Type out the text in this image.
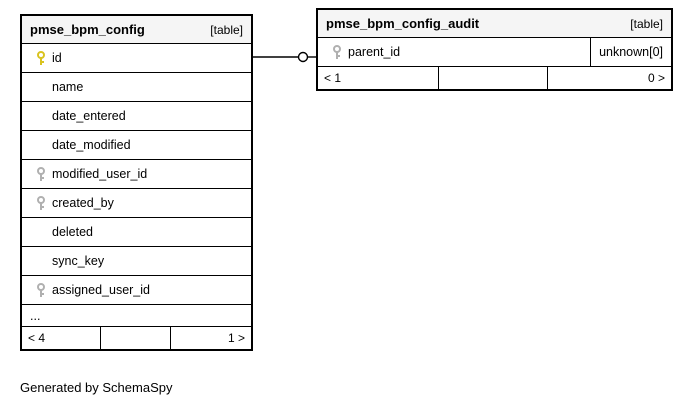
pmse_bpm_config	[table]
id
name
date_entered
date_modified
modified_user_id
created_by
deleted
sync_key
assigned_user_id
...
< 4	1 >
pmse_bpm_config_audit	[table]
parent_id	unknown[0]
< 1	0 >
Generated by SchemaSpy
